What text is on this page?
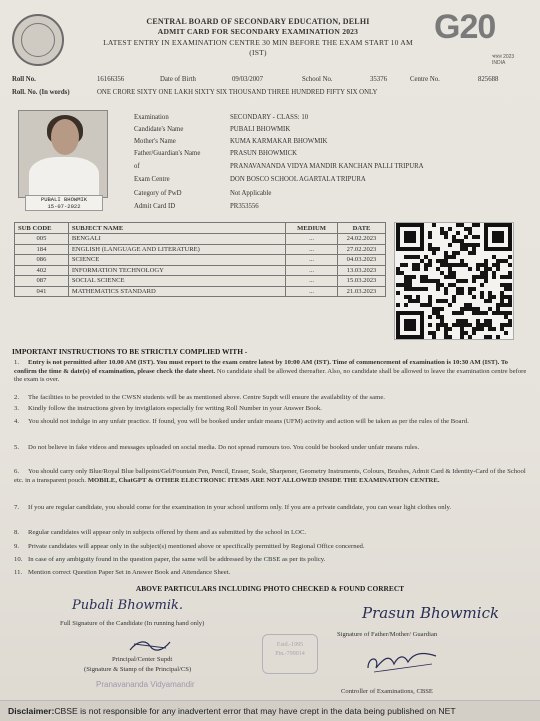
CENTRAL BOARD OF SECONDARY EDUCATION, DELHI
ADMIT CARD FOR SECONDARY EXAMINATION 2023
LATEST ENTRY IN EXAMINATION CENTRE 30 MIN BEFORE THE EXAM START 10 AM
(IST)
G20
भारत 2023 INDIA
Roll No.	16166356	Date of Birth	09/03/2007	School No.	35376	Centre No.	825688
Roll. No. (In words)	ONE CRORE SIXTY ONE LAKH SIXTY SIX THOUSAND THREE HUNDRED FIFTY SIX ONLY
PUBALI BHOWMIK
15-07-2022
Examination	SECONDARY - CLASS: 10
Candidate's Name	PUBALI BHOWMIK
Mother's Name	KUMA KARMAKAR BHOWMIK
Father/Guardian's Name	PRASUN BHOWMICK
of	PRANAVANANDA VIDYA MANDIR KANCHAN PALLI TRIPURA
Exam Centre	DON BOSCO SCHOOL AGARTALA TRIPURA
Category of PwD	Not Applicable
Admit Card ID	PR353556
SUB CODE	SUBJECT NAME	MEDIUM	DATE
005	BENGALI	...	24.02.2023
184	ENGLISH (LANGUAGE AND LITERATURE)	...	27.02.2023
086	SCIENCE	...	04.03.2023
402	INFORMATION TECHNOLOGY	...	13.03.2023
087	SOCIAL SCIENCE	...	15.03.2023
041	MATHEMATICS STANDARD	...	21.03.2023
IMPORTANT INSTRUCTIONS TO BE STRICTLY COMPLIED WITH -
1. Entry is not permitted after 10.00 AM (IST). You must report to the exam centre latest by 10:00 AM (IST). Time of commencement of examination is 10:30 AM (IST). To confirm the time & date(s) of examination, please check the date sheet. No candidate shall be allowed thereafter. Also, no candidate shall be allowed to leave the examination centre before the exam is over.
2. The facilities to be provided to the CWSN students will be as mentioned above. Centre Supdt will ensure the availability of the same.
3. Kindly follow the instructions given by invigilators especially for writing Roll Number in your Answer Book.
4. You should not indulge in any unfair practice. If found, you will be booked under unfair means (UFM) activity and action will be taken as per the rules of the Board.
5. Do not believe in fake videos and messages uploaded on social media. Do not spread rumours too. You could be booked under unfair means rules.
6. You should carry only Blue/Royal Blue ballpoint/Gel/Fountain Pen, Pencil, Eraser, Scale, Sharpener, Geometry Instruments, Colours, Brushes, Admit Card & Identity-Card of the School etc. in a transparent pouch. MOBILE, ChatGPT & OTHER ELECTRONIC ITEMS ARE NOT ALLOWED INSIDE THE EXAMINATION CENTRE.
7. If you are regular candidate, you should come for the examination in your school uniform only. If you are a private candidate, you can wear light clothes only.
8. Regular candidates will appear only in subjects offered by them and as submitted by the school in LOC.
9. Private candidates will appear only in the subject(s) mentioned above or specifically permitted by Regional Office concerned.
10. In case of any ambiguity found in the question paper, the same will be addressed by the CBSE as per its policy.
11. Mention correct Question Paper Set in Answer Book and Attendance Sheet.
ABOVE PARTICULARS INCLUDING PHOTO CHECKED & FOUND CORRECT
Pubali Bhowmik.
Full Signature of the Candidate (In running hand only)
Prasun Bhowmick
Signature of Father/Mother/ Guardian
Estd.-1995
Pin.-799014
Principal/Center Supdt
(Signature & Stamp of the Principal/CS)
Pranavananda Vidyamandir
Controller of Examinations, CBSE
Disclaimer:CBSE is not responsible for any inadvertent error that may have crept in the data being published on NET
